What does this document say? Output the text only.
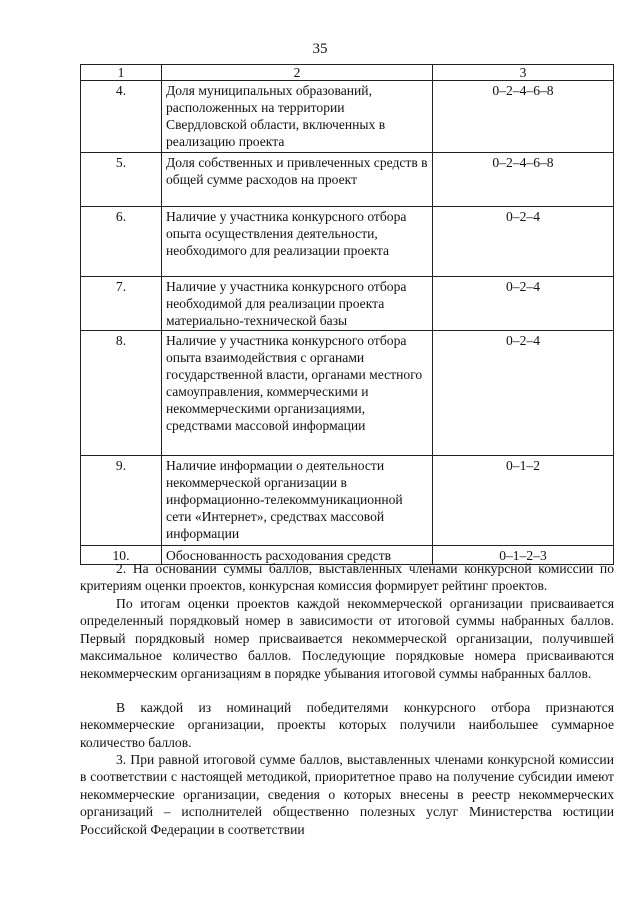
35
1	2	3
4.	Доля муниципальных образований, расположенных на территории Свердловской области, включенных в реализацию проекта	0–2–4–6–8
5.	Доля собственных и привлеченных средств в общей сумме расходов на проект	0–2–4–6–8
6.	Наличие у участника конкурсного отбора опыта осуществления деятельности, необходимого для реализации проекта	0–2–4
7.	Наличие у участника конкурсного отбора необходимой для реализации проекта материально-технической базы	0–2–4
8.	Наличие у участника конкурсного отбора опыта взаимодействия с органами государственной власти, органами местного самоуправления, коммерческими и некоммерческими организациями, средствами массовой информации	0–2–4
9.	Наличие информации о деятельности некоммерческой организации в информационно-телекоммуникационной сети «Интернет», средствах массовой информации	0–1–2
10.	Обоснованность расходования средств	0–1–2–3

2. На основании суммы баллов, выставленных членами конкурсной комиссии по критериям оценки проектов, конкурсная комиссия формирует рейтинг проектов.

По итогам оценки проектов каждой некоммерческой организации присваивается определенный порядковый номер в зависимости от итоговой суммы набранных баллов. Первый порядковый номер присваивается некоммерческой организации, получившей максимальное количество баллов. Последующие порядковые номера присваиваются некоммерческим организациям в порядке убывания итоговой суммы набранных баллов.

В каждой из номинаций победителями конкурсного отбора признаются некоммерческие организации, проекты которых получили наибольшее суммарное количество баллов.

3. При равной итоговой сумме баллов, выставленных членами конкурсной комиссии в соответствии с настоящей методикой, приоритетное право на получение субсидии имеют некоммерческие организации, сведения о которых внесены в реестр некоммерческих организаций – исполнителей общественно полезных услуг Министерства юстиции Российской Федерации в соответствии
